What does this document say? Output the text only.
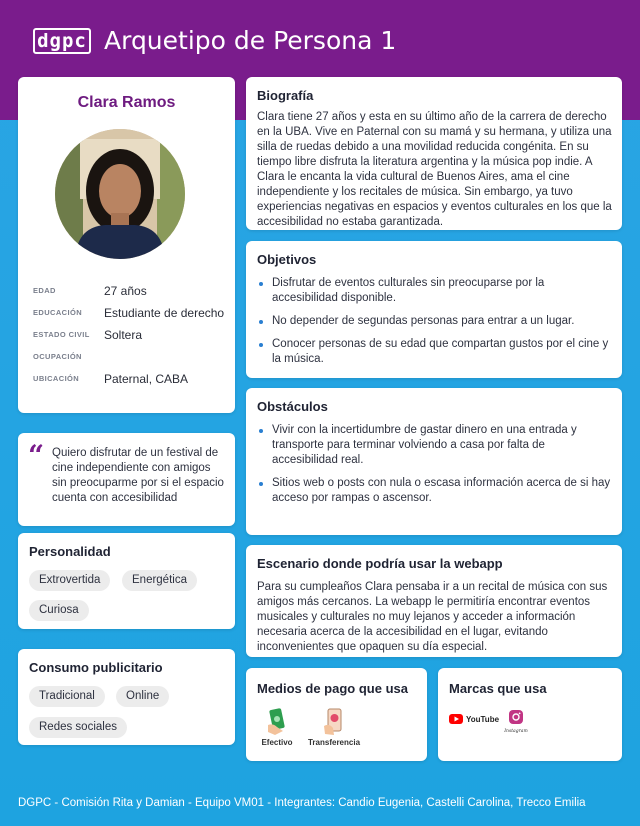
dgpc Arquetipo de Persona 1
Clara Ramos
EDAD	27 años
EDUCACIÓN	Estudiante de derecho
ESTADO CIVIL	Soltera
OCUPACIÓN
UBICACIÓN	Paternal, CABA
“ Quiero disfrutar de un festival de cine independiente con amigos sin preocuparme por si el espacio cuenta con accesibilidad

Personalidad
Extrovertida	Energética
Curiosa
Consumo publicitario
Tradicional	Online
Redes sociales
Biografía

Clara tiene 27 años y esta en su último año de la carrera de derecho en la UBA. Vive en Paternal con su mamá y su hermana, y utiliza una silla de ruedas debido a una movilidad reducida congénita. En su tiempo libre disfruta la literatura argentina y la música pop indie. A Clara le encanta la vida cultural de Buenos Aires, ama el cine independiente y los recitales de música. Sin embargo, ya tuvo experiencias negativas en espacios y eventos culturales en los que la accesibilidad no estaba garantizada.

Objetivos
Disfrutar de eventos culturales sin preocuparse por la accesibilidad disponible.
No depender de segundas personas para entrar a un lugar.
Conocer personas de su edad que compartan gustos por el cine y la música.
Obstáculos
Vivir con la incertidumbre de gastar dinero en una entrada y transporte para terminar volviendo a casa por falta de accesibilidad real.
Sitios web o posts con nula o escasa información acerca de si hay acceso por rampas o ascensor.
Escenario donde podría usar la webapp

Para su cumpleaños Clara pensaba ir a un recital de música con sus amigos más cercanos. La webapp le permitiría encontrar eventos musicales y culturales no muy lejanos y acceder a información necesaria acerca de la accesibilidad en el lugar, evitando inconvenientes que opaquen su día especial.

Medios de pago que usa
Efectivo	Transferencia
Marcas que usa
YouTube
Instagram
DGPC - Comisión Rita y Damian - Equipo VM01 - Integrantes: Candio Eugenia, Castelli Carolina, Trecco Emilia
